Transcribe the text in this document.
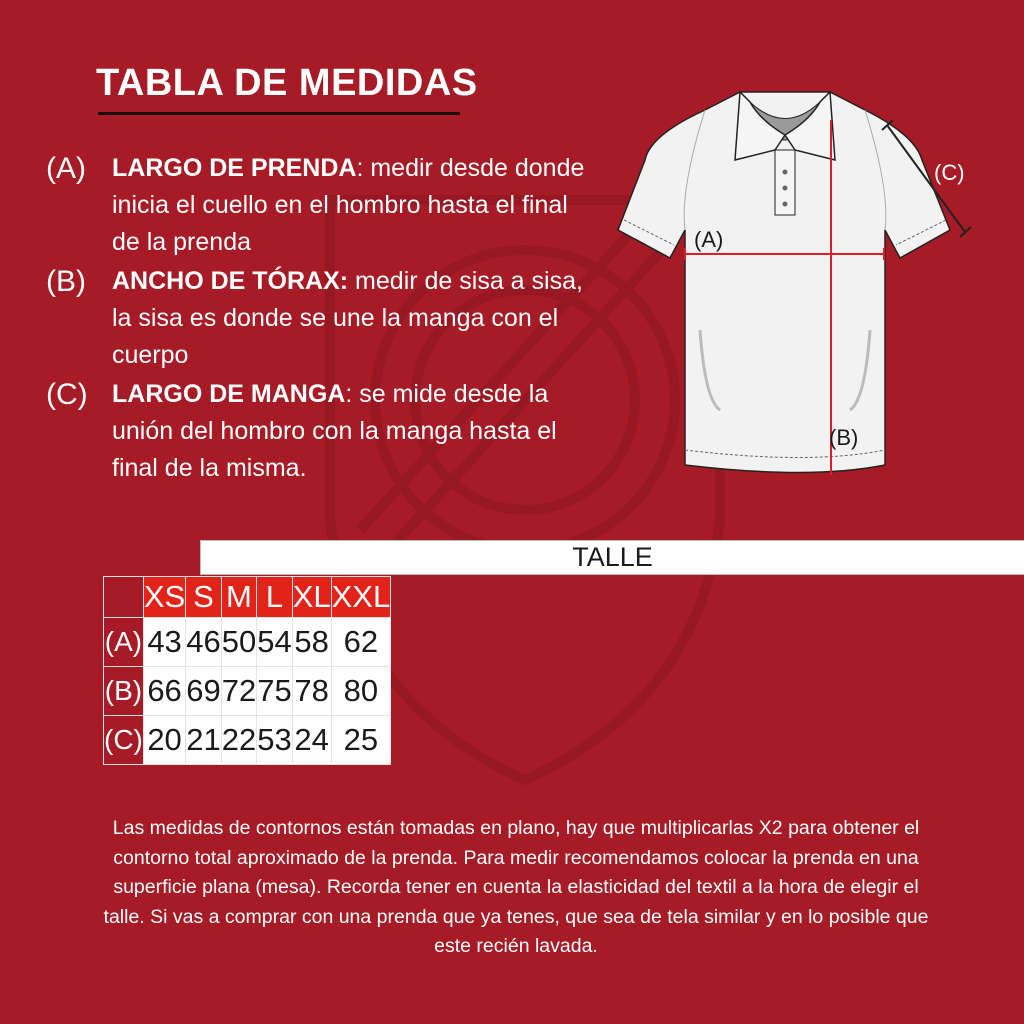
TABLA DE MEDIDAS
(A) LARGO DE PRENDA: medir desde donde inicia el cuello en el hombro hasta el final de la prenda
(B) ANCHO DE TÓRAX: medir de sisa a sisa, la sisa es donde se une la manga con el cuerpo
(C) LARGO DE MANGA: se mide desde la unión del hombro con la manga hasta el final de la misma.
(A)
(B)
(C)
TALLE
	XS	S	M	L	XL	XXL
(A)	43	46	50	54	58	62
(B)	66	69	72	75	78	80
(C)	20	21	22	53	24	25

Las medidas de contornos están tomadas en plano, hay que multiplicarlas X2 para obtener el contorno total aproximado de la prenda. Para medir recomendamos colocar la prenda en una superficie plana (mesa). Recorda tener en cuenta la elasticidad del textil a la hora de elegir el talle. Si vas a comprar con una prenda que ya tenes, que sea de tela similar y en lo posible que este recién lavada.
